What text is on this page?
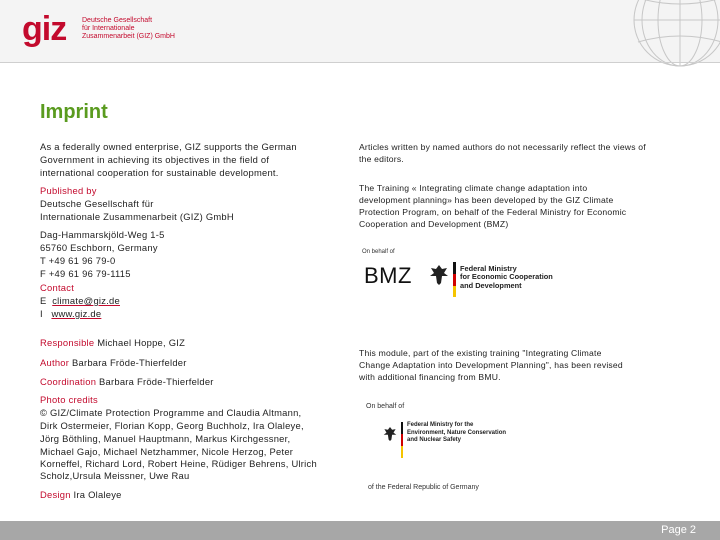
giz Deutsche Gesellschaft
für Internationale
Zusammenarbeit (GIZ) GmbH
Imprint
As a federally owned enterprise, GIZ supports the German
Government in achieving its objectives in the field of
international cooperation for sustainable development.
Published by
Deutsche Gesellschaft für
Internationale Zusammenarbeit (GIZ) GmbH
Dag-Hammarskjöld-Weg 1-5
65760 Eschborn, Germany
T +49 61 96 79-0
F +49 61 96 79-1115
Contact
E climate@giz.de
I www.giz.de
Responsible Michael Hoppe, GIZ
Author Barbara Fröde-Thierfelder
Coordination Barbara Fröde-Thierfelder
Photo credits
© GIZ/Climate Protection Programme and Claudia Altmann,
Dirk Ostermeier, Florian Kopp, Georg Buchholz, Ira Olaleye,
Jörg Böthling, Manuel Hauptmann, Markus Kirchgessner,
Michael Gajo, Michael Netzhammer, Nicole Herzog, Peter
Korneffel, Richard Lord, Robert Heine, Rüdiger Behrens, Ulrich
Scholz,Ursula Meissner, Uwe Rau
Design Ira Olaleye
Articles written by named authors do not necessarily reflect the views of
the editors.
The Training « Integrating climate change adaptation into
development planning» has been developed by the GIZ Climate
Protection Program, on behalf of the Federal Ministry for Economic
Cooperation and Development (BMZ)
This module, part of the existing training "Integrating Climate
Change Adaptation into Development Planning", has been revised
with additional financing from BMU.
On behalf of
BMZ	Federal Ministry
for Economic Cooperation
and Development
On behalf of
Federal Ministry for the
Environment, Nature Conservation
and Nuclear Safety
of the Federal Republic of Germany
Page 2
